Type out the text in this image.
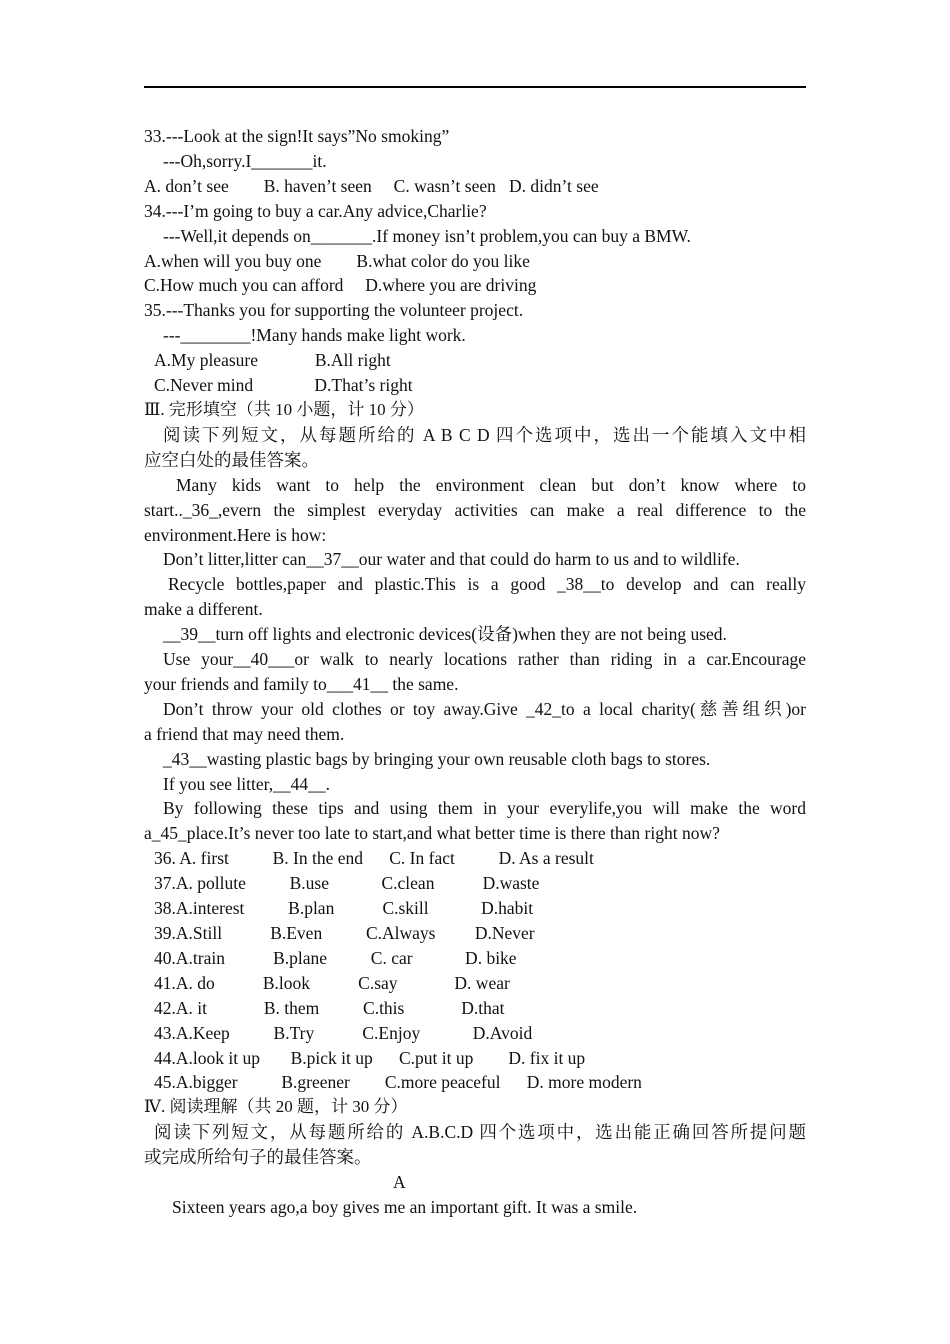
33.---Look at the sign!It says”No smoking”
---Oh,sorry.I_______it.
A. don’t see        B. haven’t seen     C. wasn’t seen   D. didn’t see
34.---I’m going to buy a car.Any advice,Charlie?
---Well,it depends on_______.If money isn’t problem,you can buy a BMW.
A.when will you buy one        B.what color do you like
C.How much you can afford     D.where you are driving
35.---Thanks you for supporting the volunteer project.
---________!Many hands make light work.
A.My pleasure             B.All right
C.Never mind              D.That’s right
Ⅲ. 完形填空（共 10 小题，计 10 分）
阅读下列短文，从每题所给的 A B C D 四个选项中，选出一个能填入文中相
应空白处的最佳答案。
Many kids want to help the environment clean but don’t know where to
start.._36_,evern the simplest everyday activities can make a real difference to the
environment.Here is how:
Don’t litter,litter can__37__our water and that could do harm to us and to wildlife.
Recycle bottles,paper and plastic.This is a good _38__to develop and can really
make a different.
__39__turn off lights and electronic devices(设备)when they are not being used.
Use your__40___or walk to nearly locations rather than riding in a car.Encourage
your friends and family to___41__ the same.
Don’t throw your old clothes or toy away.Give _42_to a local charity(慈善组织)or
a friend that may need them.
_43__wasting plastic bags by bringing your own reusable cloth bags to stores.
If you see litter,__44__.
By following these tips and using them in your everylife,you will make the word
a_45_place.It’s never too late to start,and what better time is there than right now?
36. A. first          B. In the end      C. In fact          D. As a result
37.A. pollute          B.use            C.clean           D.waste
38.A.interest          B.plan           C.skill            D.habit
39.A.Still           B.Even          C.Always         D.Never
40.A.train           B.plane          C. car            D. bike
41.A. do           B.look           C.say             D. wear
42.A. it             B. them          C.this             D.that
43.A.Keep          B.Try           C.Enjoy            D.Avoid
44.A.look it up       B.pick it up      C.put it up        D. fix it up
45.A.bigger          B.greener        C.more peaceful      D. more modern
Ⅳ. 阅读理解（共 20 题，计 30 分）
阅读下列短文，从每题所给的 A.B.C.D 四个选项中，选出能正确回答所提问题
或完成所给句子的最佳答案。
A
Sixteen years ago,a boy gives me an important gift. It was a smile.
